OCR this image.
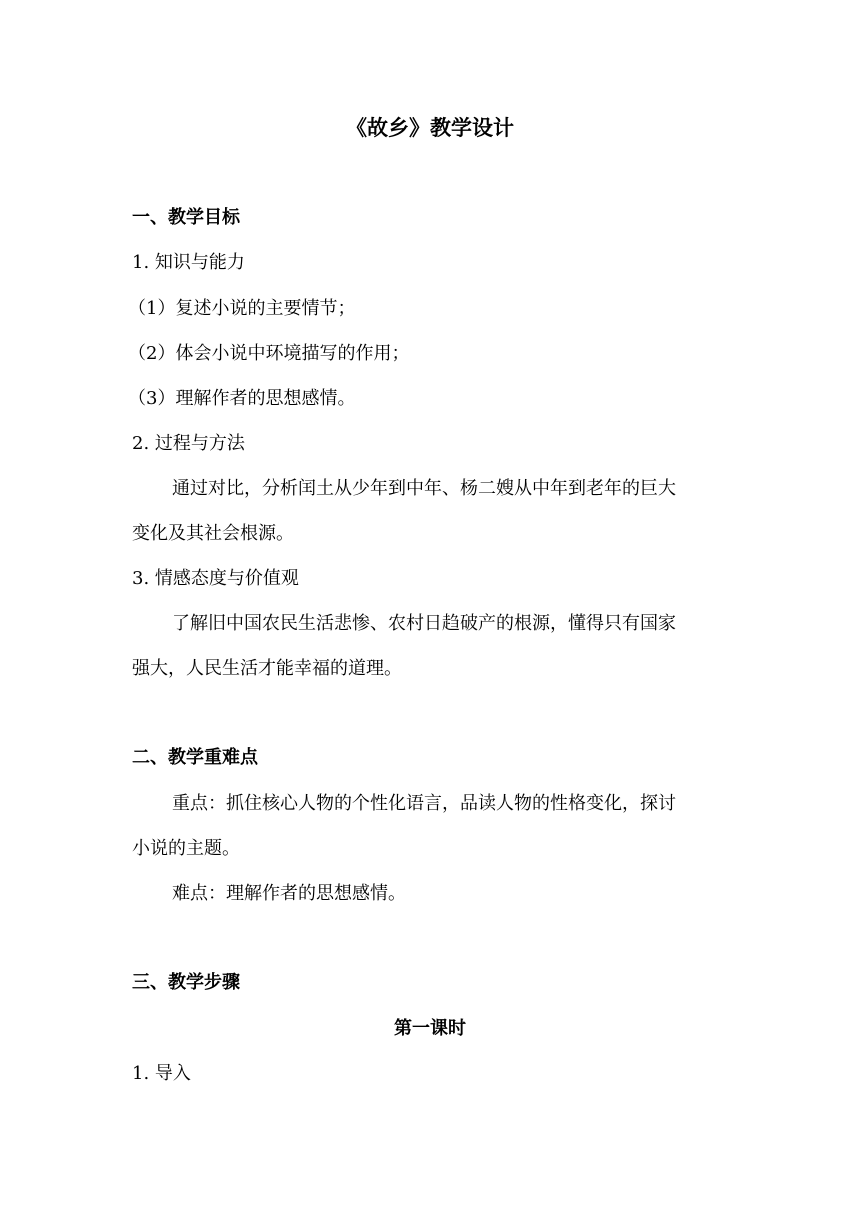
《故乡》教学设计
一、教学目标
1. 知识与能力
（1）复述小说的主要情节；
（2）体会小说中环境描写的作用；
（3）理解作者的思想感情。
2. 过程与方法
通过对比，分析闰土从少年到中年、杨二嫂从中年到老年的巨大
变化及其社会根源。
3. 情感态度与价值观
了解旧中国农民生活悲惨、农村日趋破产的根源，懂得只有国家
强大，人民生活才能幸福的道理。
二、教学重难点
重点：抓住核心人物的个性化语言，品读人物的性格变化，探讨
小说的主题。
难点：理解作者的思想感情。
三、教学步骤
第一课时
1. 导入
